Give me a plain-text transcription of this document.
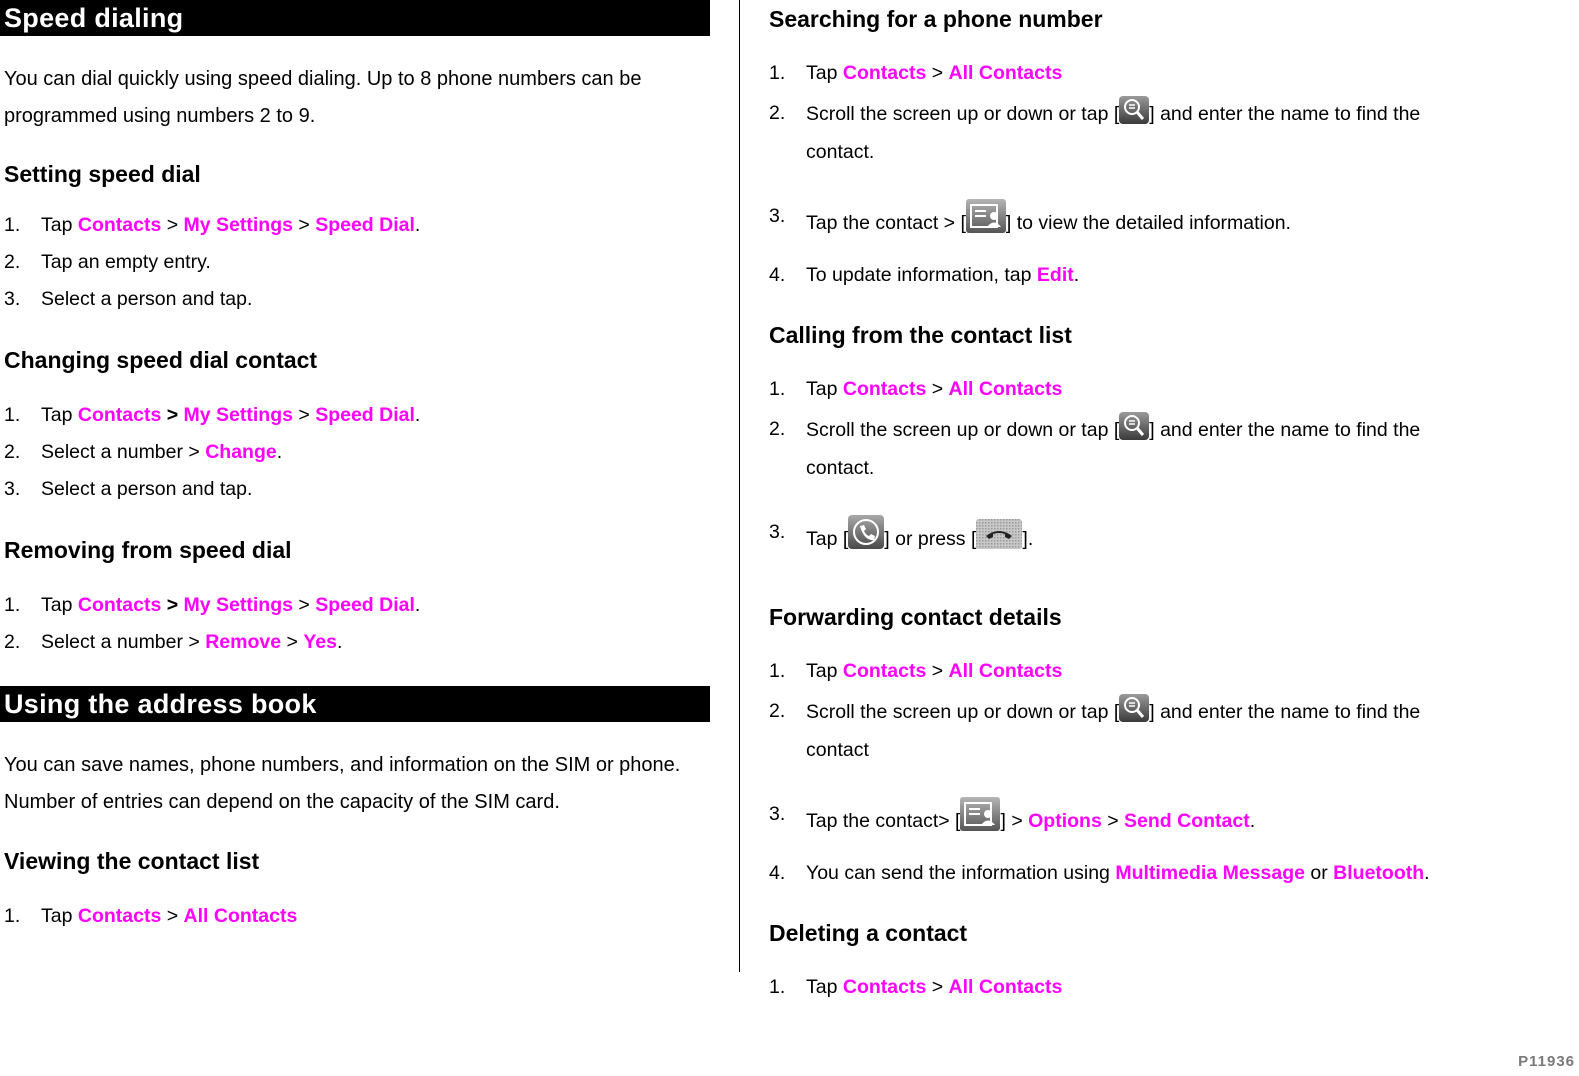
Speed dialing
You can dial quickly using speed dialing. Up to 8 phone numbers can be programmed using numbers 2 to 9.
Setting speed dial
1. Tap Contacts > My Settings > Speed Dial.
2. Tap an empty entry.
3. Select a person and tap.
Changing speed dial contact
1. Tap Contacts > My Settings > Speed Dial.
2. Select a number > Change.
3. Select a person and tap.
Removing from speed dial
1. Tap Contacts > My Settings > Speed Dial.
2. Select a number > Remove > Yes.
Using the address book
You can save names, phone numbers, and information on the SIM or phone. Number of entries can depend on the capacity of the SIM card.
Viewing the contact list
1. Tap Contacts > All Contacts
Searching for a phone number
1. Tap Contacts > All Contacts
2. Scroll the screen up or down or tap [ ] and enter the name to find the
contact.
3. Tap the contact > [ ] to view the detailed information.
4. To update information, tap Edit.
Calling from the contact list
1. Tap Contacts > All Contacts
2. Scroll the screen up or down or tap [ ] and enter the name to find the
contact.
3. Tap [ ] or press [ ].
Forwarding contact details
1. Tap Contacts > All Contacts
2. Scroll the screen up or down or tap [ ] and enter the name to find the
contact
3. Tap the contact> [ ] > Options > Send Contact.
4. You can send the information using Multimedia Message or Bluetooth.
Deleting a contact
1. Tap Contacts > All Contacts
P11936
